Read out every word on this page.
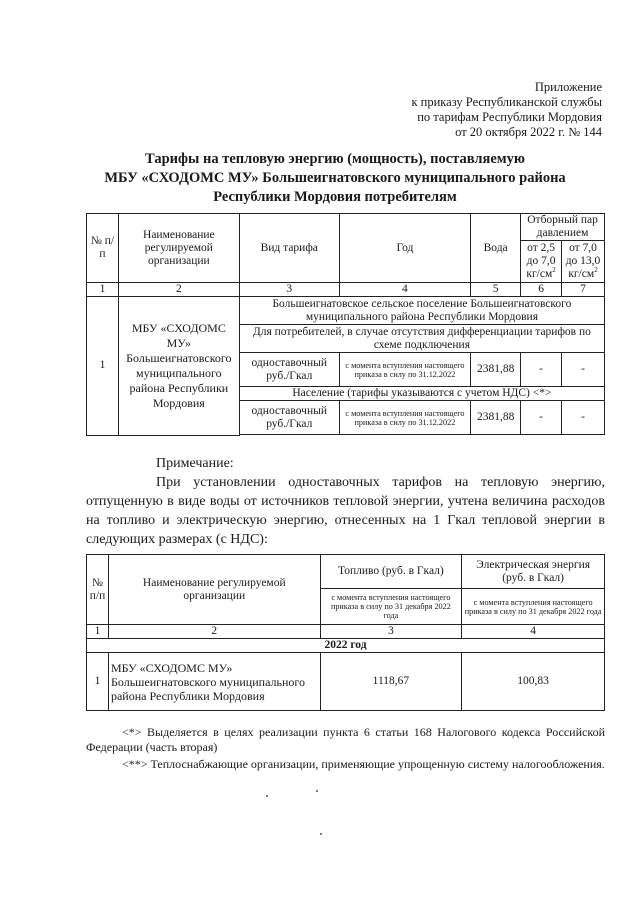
Приложение
к приказу Республиканской службы
по тарифам Республики Мордовия
от 20 октября 2022 г. № 144
Тарифы на тепловую энергию (мощность), поставляемую
МБУ «СХОДОМС МУ» Большеигнатовского муниципального района
Республики Мордовия потребителям
№ п/п	Наименование регулируемой организации	Вид тарифа	Год	Вода	Отборный пар давлением	
					от 2,5 до 7,0 $кг/см^2$	от 7,0 до 13,0 $кг/см^2$
1	2	3	4	5	6	7
1	МБУ «СХОДОМС МУ» Большеигнатовского муниципального района Республики Мордовия	Большеигнатовское сельское поселение Большеигнатовского муниципального района Республики Мордовия				
		Для потребителей, в случае отсутствия дифференциации тарифов по схеме подключения				
		одноставочный руб./Гкал	с момента вступления настоящего приказа в силу по 31.12.2022	2381,88	-	-
		Население (тарифы указываются с учетом НДС) <*>				
		одноставочный руб./Гкал	с момента вступления настоящего приказа в силу по 31.12.2022	2381,88	-	-

Примечание:
При установлении одноставочных тарифов на тепловую энергию, отпущенную в виде воды от источников тепловой энергии, учтена величина расходов на топливо и электрическую энергию, отнесенных на 1 Гкал тепловой энергии в следующих размерах (с НДС):
№ п/п	Наименование регулируемой организации	Топливо (руб. в Гкал)	Электрическая энергия (руб. в Гкал)
		с момента вступления настоящего приказа в силу по 31 декабря 2022 года	с момента вступления настоящего приказа в силу по 31 декабря 2022 года
1	2	3	4
2022 год			
1	МБУ «СХОДОМС МУ» Большеигнатовского муниципального района Республики Мордовия	1118,67	100,83
<*> Выделяется в целях реализации пункта 6 статьи 168 Налогового кодекса Российской Федерации (часть вторая)
<**> Теплоснабжающие организации, применяющие упрощенную систему налогообложения.
